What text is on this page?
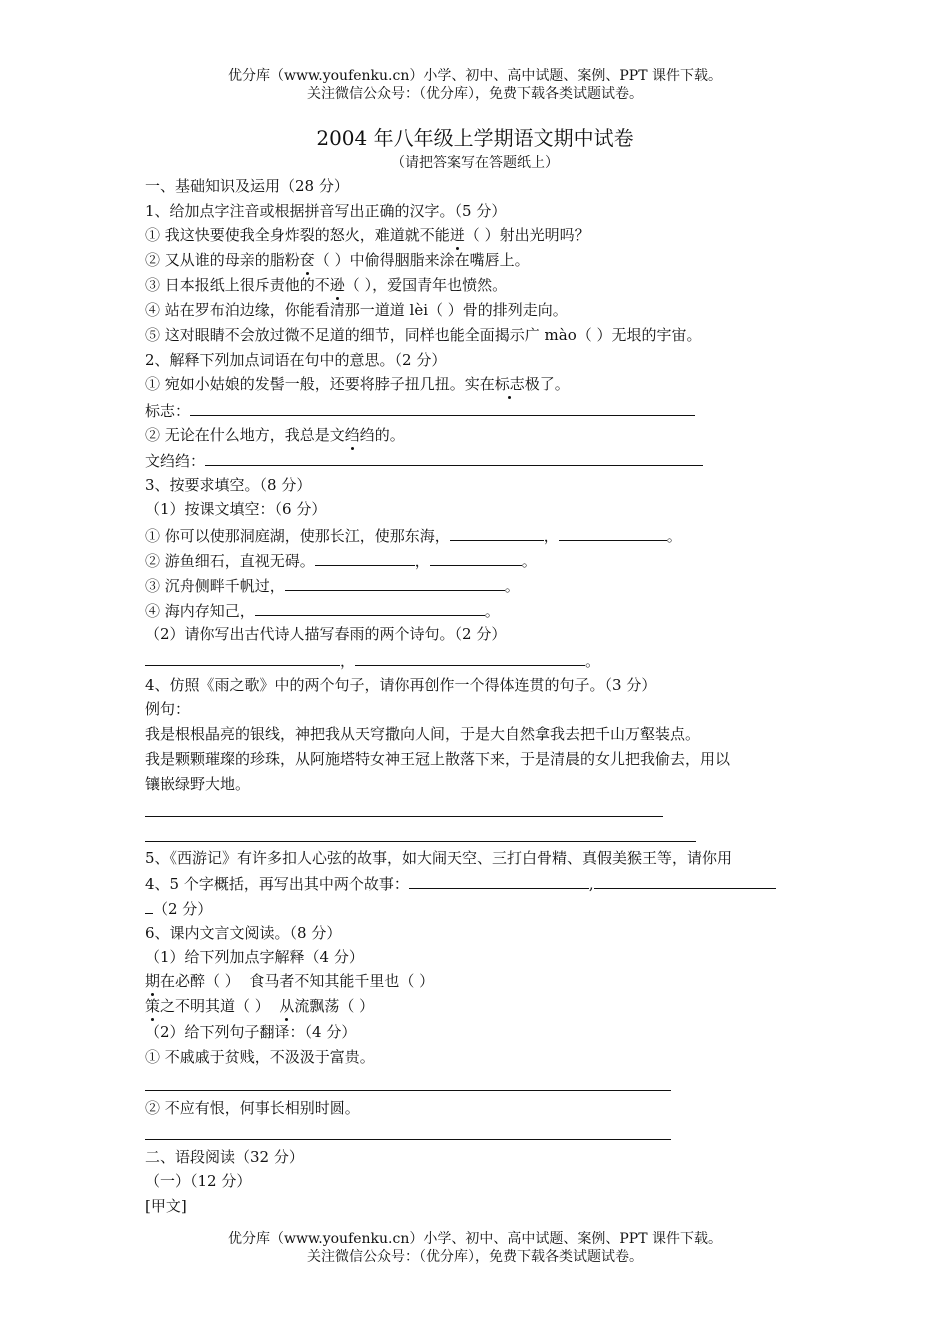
优分库（www.youfenku.cn）小学、初中、高中试题、案例、PPT 课件下载。
关注微信公众号：（优分库），免费下载各类试题试卷。
2004 年八年级上学期语文期中试卷
（请把答案写在答题纸上）
一、基础知识及运用（28 分）
1、给加点字注音或根据拼音写出正确的汉字。（5 分）
① 我这快要使我全身炸裂的怒火，难道就不能迸（ ）射出光明吗？
② 又从谁的母亲的脂粉奁（ ）中偷得胭脂来涂在嘴唇上。
③ 日本报纸上很斥责他的不逊（ ），爱国青年也愤然。
④ 站在罗布泊边缘，你能看清那一道道 lèi（ ）骨的排列走向。
⑤ 这对眼睛不会放过微不足道的细节，同样也能全面揭示广 mào（ ）无垠的宇宙。
2、解释下列加点词语在句中的意思。（2 分）
① 宛如小姑娘的发髻一般，还要将脖子扭几扭。实在标志极了。
标志：
② 无论在什么地方，我总是文绉绉的。
文绉绉：
3、按要求填空。（8 分）
（1）按课文填空：（6 分）
① 你可以使那洞庭湖，使那长江，使那东海，	，	。
② 游鱼细石，直视无碍。	，	。
③ 沉舟侧畔千帆过，	。
④ 海内存知己，	。
（2）请你写出古代诗人描写春雨的两个诗句。（2 分）
，	。
4、仿照《雨之歌》中的两个句子，请你再创作一个得体连贯的句子。（3 分）
例句：
我是根根晶亮的银线，神把我从天穹撒向人间，于是大自然拿我去把千山万壑装点。
我是颗颗璀璨的珍珠，从阿施塔特女神王冠上散落下来，于是清晨的女儿把我偷去，用以
镶嵌绿野大地。
5、《西游记》有许多扣人心弦的故事，如大闹天空、三打白骨精、真假美猴王等，请你用
4、5 个字概括，再写出其中两个故事：	,
（2 分）
6、课内文言文阅读。（8 分）
（1）给下列加点字解释（4 分）
期在必醉（ ） 食马者不知其能千里也（ ）
策之不明其道（ ） 从流飘荡（ ）
（2）给下列句子翻译：（4 分）
① 不戚戚于贫贱，不汲汲于富贵。
② 不应有恨，何事长相别时圆。
二、语段阅读（32 分）
（一）（12 分）
[甲文]
优分库（www.youfenku.cn）小学、初中、高中试题、案例、PPT 课件下载。
关注微信公众号：（优分库），免费下载各类试题试卷。
